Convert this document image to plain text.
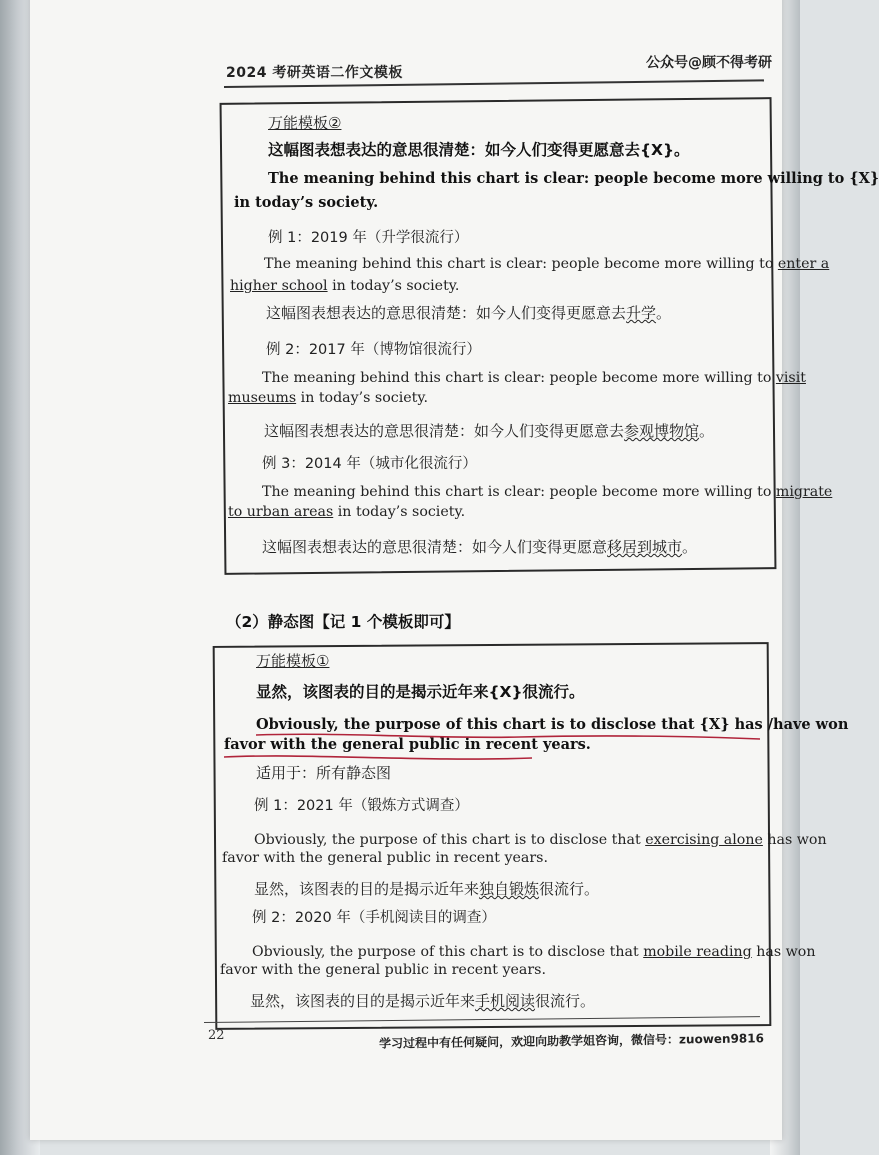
2024 考研英语二作文模板
公众号@顾不得考研
万能模板②
这幅图表想表达的意思很清楚：如今人们变得更愿意去{X}。
The meaning behind this chart is clear: people become more willing to {X}
in today’s society.
例 1：2019 年（升学很流行）
The meaning behind this chart is clear: people become more willing to enter a
higher school in today’s society.
这幅图表想表达的意思很清楚：如今人们变得更愿意去升学。
例 2：2017 年（博物馆很流行）
The meaning behind this chart is clear: people become more willing to visit
museums in today’s society.
这幅图表想表达的意思很清楚：如今人们变得更愿意去参观博物馆。
例 3：2014 年（城市化很流行）
The meaning behind this chart is clear: people become more willing to migrate
to urban areas in today’s society.
这幅图表想表达的意思很清楚：如今人们变得更愿意移居到城市。
（2）静态图【记 1 个模板即可】
万能模板①
显然，该图表的目的是揭示近年来{X}很流行。
Obviously, the purpose of this chart is to disclose that {X} has /have won
favor with the general public in recent years.
适用于：所有静态图
例 1：2021 年（锻炼方式调查）
Obviously, the purpose of this chart is to disclose that exercising alone has won
favor with the general public in recent years.
显然，该图表的目的是揭示近年来独自锻炼很流行。
例 2：2020 年（手机阅读目的调查）
Obviously, the purpose of this chart is to disclose that mobile reading has won
favor with the general public in recent years.
显然，该图表的目的是揭示近年来手机阅读很流行。
22	学习过程中有任何疑问，欢迎向助教学姐咨询，微信号：zuowen9816
